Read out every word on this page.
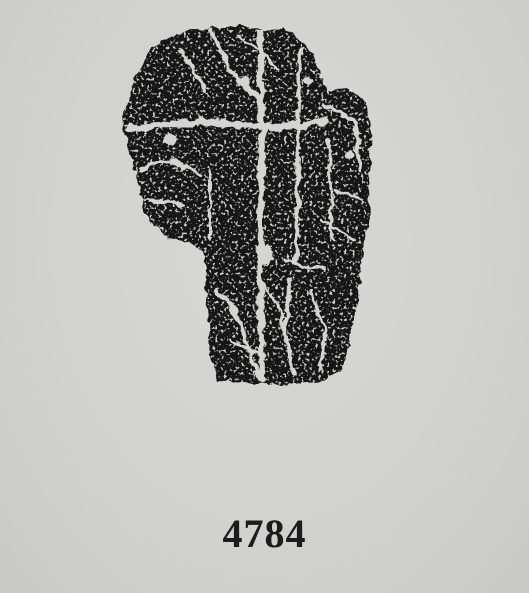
4784
